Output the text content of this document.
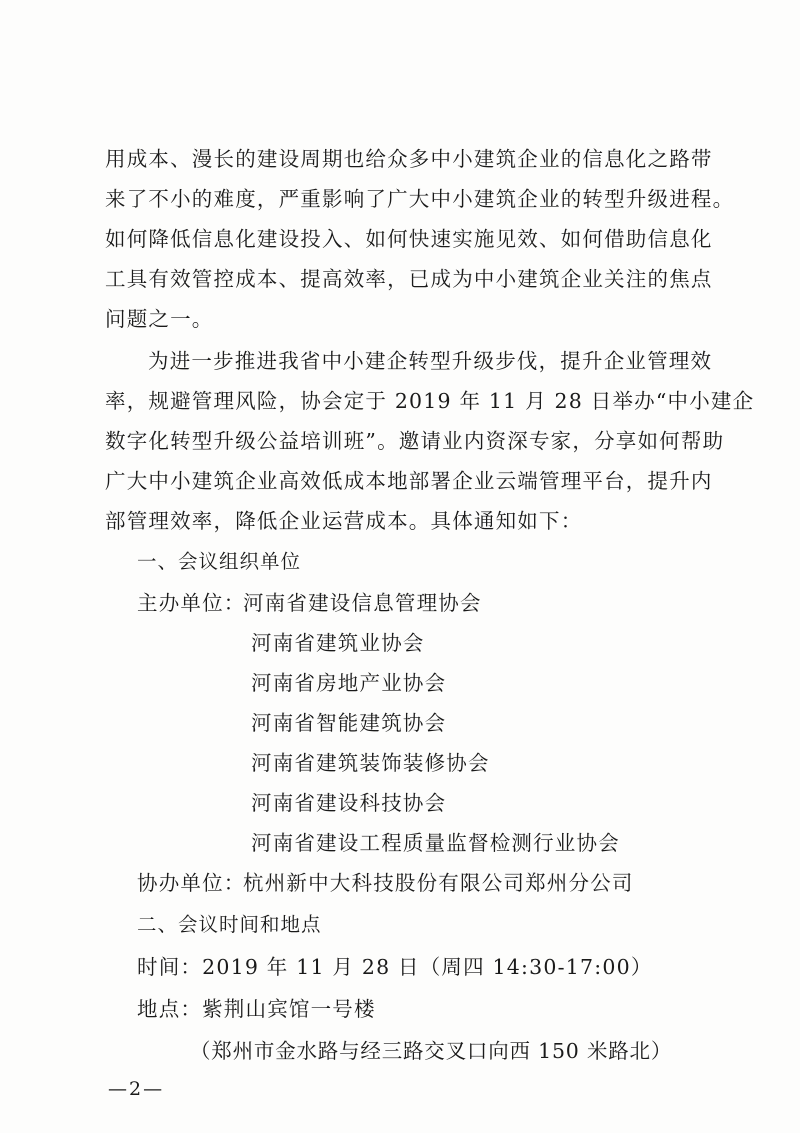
用成本、漫长的建设周期也给众多中小建筑企业的信息化之路带
来了不小的难度，严重影响了广大中小建筑企业的转型升级进程。
如何降低信息化建设投入、如何快速实施见效、如何借助信息化
工具有效管控成本、提高效率，已成为中小建筑企业关注的焦点
问题之一。
为进一步推进我省中小建企转型升级步伐，提升企业管理效
率，规避管理风险，协会定于 2019 年 11 月 28 日举办“中小建企
数字化转型升级公益培训班”。邀请业内资深专家，分享如何帮助
广大中小建筑企业高效低成本地部署企业云端管理平台，提升内
部管理效率，降低企业运营成本。具体通知如下：
一、会议组织单位
主办单位：
河南省建设信息管理协会
河南省建筑业协会
河南省房地产业协会
河南省智能建筑协会
河南省建筑装饰装修协会
河南省建设科技协会
河南省建设工程质量监督检测行业协会
协办单位：
杭州新中大科技股份有限公司郑州分公司
二、会议时间和地点
时间：2019 年 11 月 28 日（周四 14:30-17:00）
地点：紫荆山宾馆一号楼
（郑州市金水路与经三路交叉口向西 150 米路北）
—2—
